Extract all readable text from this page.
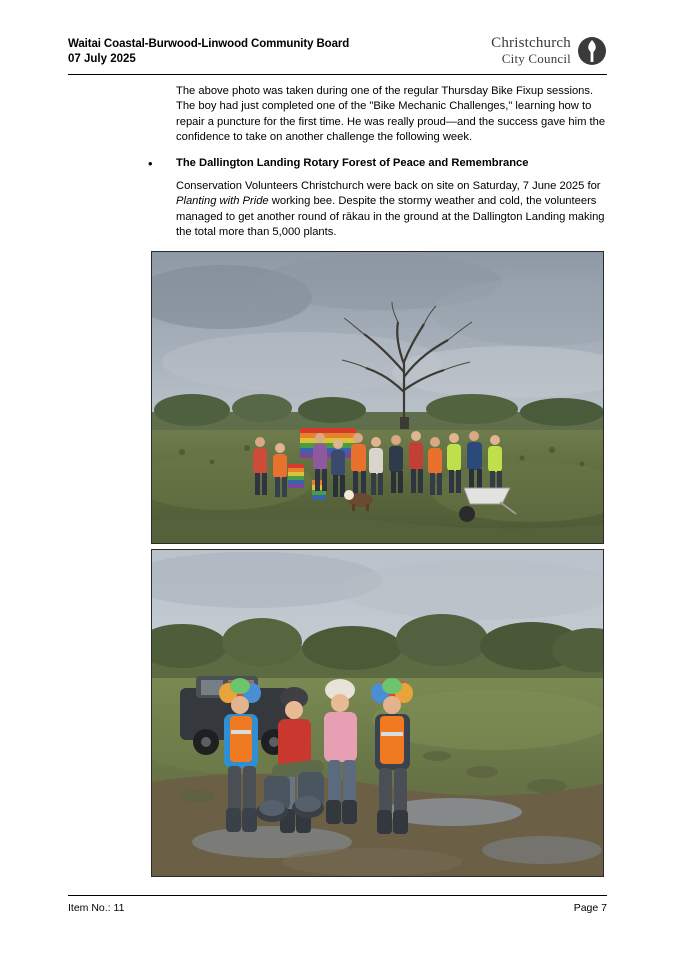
Waitai Coastal-Burwood-Linwood Community Board
07 July 2025
Christchurch
City Council

The above photo was taken during one of the regular Thursday Bike Fixup sessions. The boy had just completed one of the "Bike Mechanic Challenges," learning how to repair a puncture for the first time. He was really proud—and the success gave him the confidence to take on another challenge the following week.

• The Dallington Landing Rotary Forest of Peace and Remembrance

Conservation Volunteers Christchurch were back on site on Saturday, 7 June 2025 for Planting with Pride working bee. Despite the stormy weather and cold, the volunteers managed to get another round of rākau in the ground at the Dallington Landing making the total more than 5,000 plants.

Item No.: 11	Page 7
